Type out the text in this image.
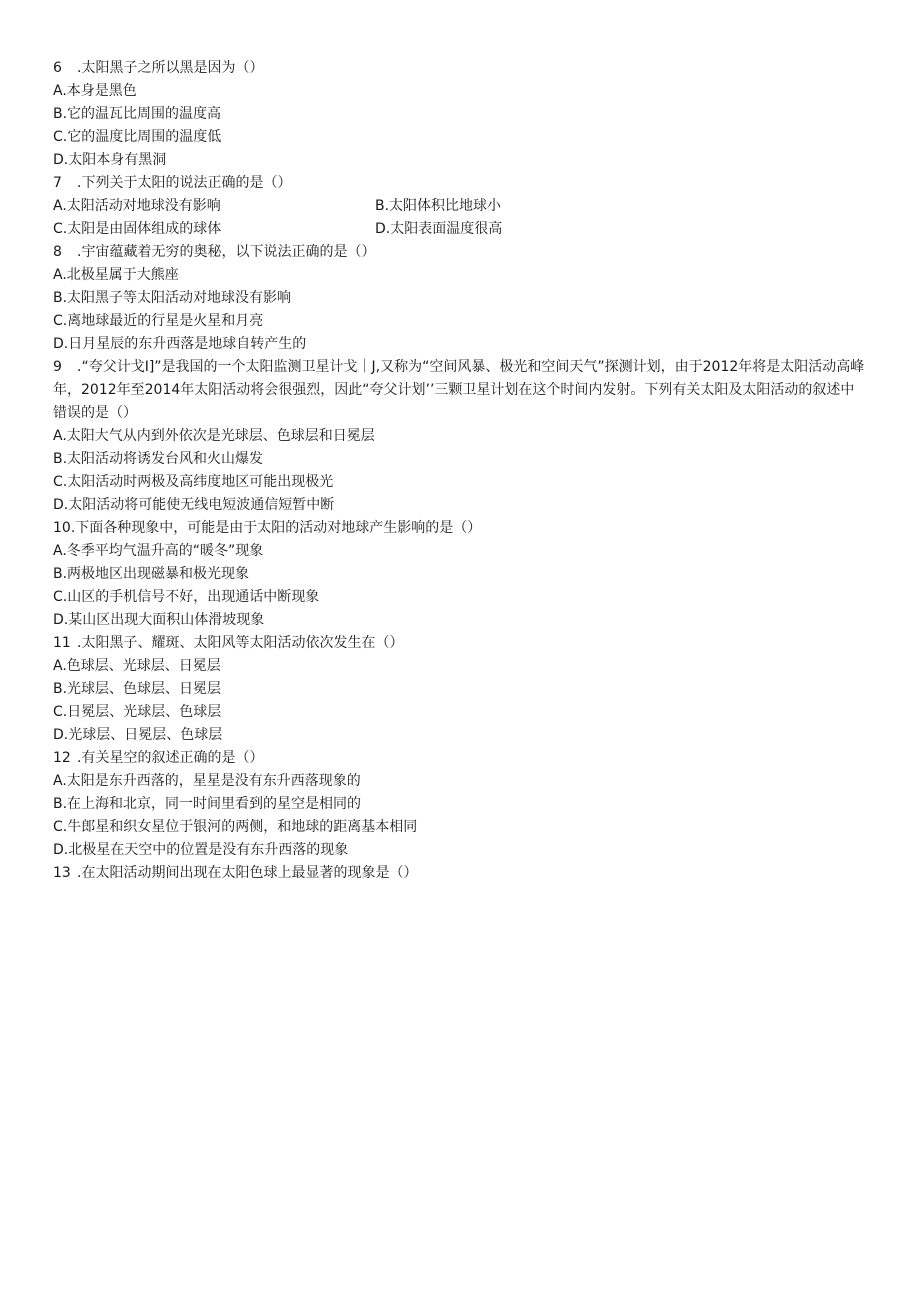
6 .太阳黑子之所以黑是因为（）
A.本身是黑色
B.它的温瓦比周围的温度高
C.它的温度比周围的温度低
D.太阳本身有黑洞
7 .下列关于太阳的说法正确的是（）
A.太阳活动对地球没有影响	B.太阳体积比地球小
C.太阳是由固体组成的球体	D.太阳表面温度很高
8 .宇宙蕴藏着无穷的奥秘，以下说法正确的是（）
A.北极星属于大熊座
B.太阳黑子等太阳活动对地球没有影响
C.离地球最近的行星是火星和月亮
D.日月星辰的东升西落是地球自转产生的
9 .“夸父计戈I]”是我国的一个太阳监测卫星计戈｜J,又称为“空间风暴、极光和空间天气”探测计划，由于2012年将是太阳活动高峰年，2012年至2014年太阳活动将会很强烈，因此“夸父计划’’三颗卫星计划在这个时间内发射。下列有关太阳及太阳活动的叙述中错误的是（）
A.太阳大气从内到外依次是光球层、色球层和日冕层
B.太阳活动将诱发台风和火山爆发
C.太阳活动时两极及高纬度地区可能出现极光
D.太阳活动将可能使无线电短波通信短暂中断
10.下面各种现象中，可能是由于太阳的活动对地球产生影响的是（）
A.冬季平均气温升高的“暖冬”现象
B.两极地区出现磁暴和极光现象
C.山区的手机信号不好，出现通话中断现象
D.某山区出现大面积山体滑坡现象
11 .太阳黑子、耀斑、太阳风等太阳活动依次发生在（）
A.色球层、光球层、日冕层
B.光球层、色球层、日冕层
C.日冕层、光球层、色球层
D.光球层、日冕层、色球层
12 .有关星空的叙述正确的是（）
A.太阳是东升西落的，星星是没有东升西落现象的
B.在上海和北京，同一时间里看到的星空是相同的
C.牛郎星和织女星位于银河的两侧，和地球的距离基本相同
D.北极星在天空中的位置是没有东升西落的现象
13 .在太阳活动期间出现在太阳色球上最显著的现象是（）
